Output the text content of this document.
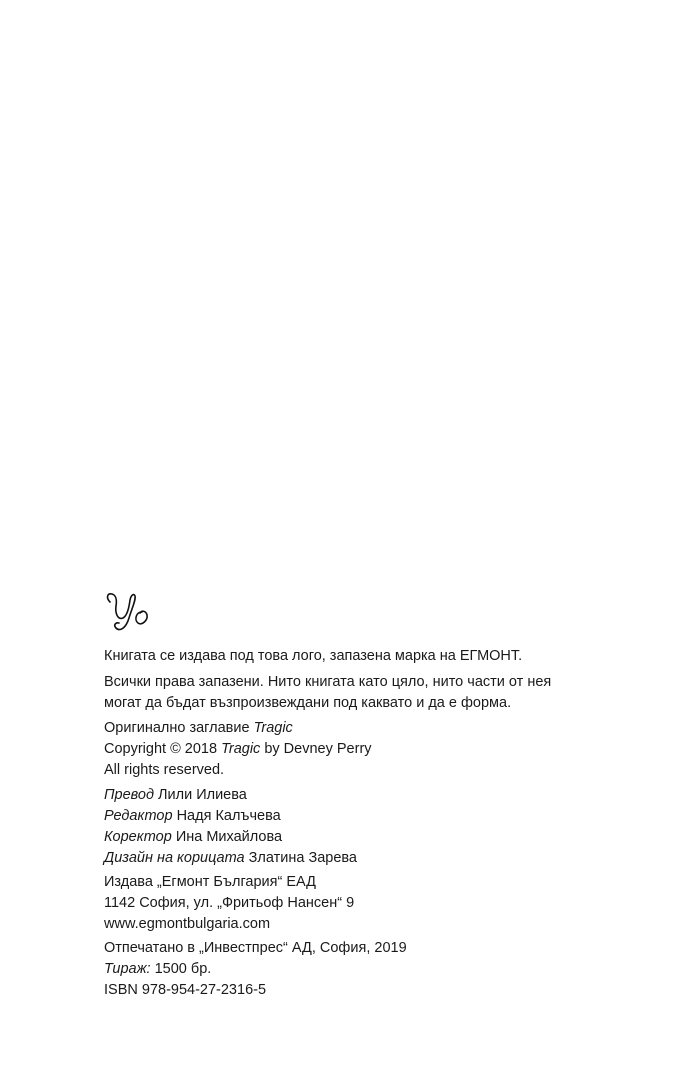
Книгата се издава под това лого, запазена марка на ЕГМОНТ.

Всички права запазени. Нито книгата като цяло, нито части от нея

могат да бъдат възпроизвеждани под каквато и да е форма.

Оригинално заглавие Tragic

Copyright © 2018 Tragic by Devney Perry

All rights reserved.

Превод Лили Илиева

Редактор Надя Калъчева

Коректор Ина Михайлова

Дизайн на корицата Златина Зарева

Издава „Егмонт България“ ЕАД

1142 София, ул. „Фритьоф Нансен“ 9

www.egmontbulgaria.com

Отпечатано в „Инвестпрес“ АД, София, 2019

Тираж: 1500 бр.

ISBN 978-954-27-2316-5
